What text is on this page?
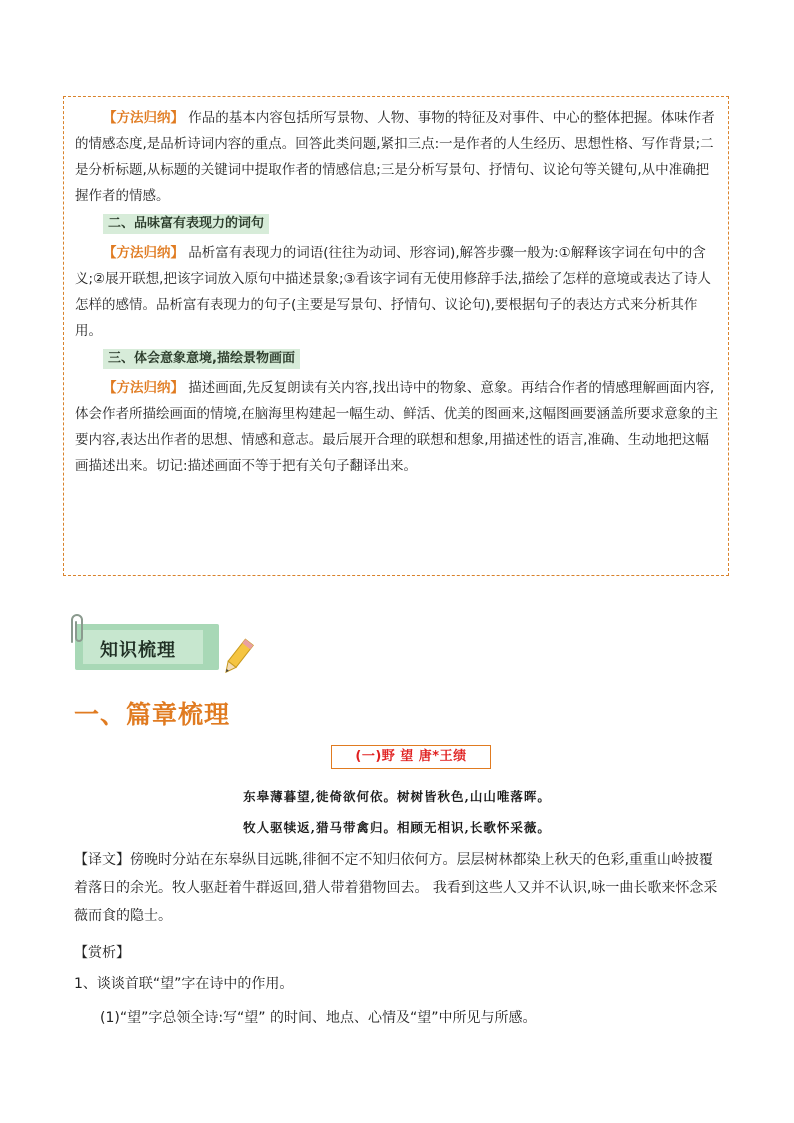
【方法归纳】 作品的基本内容包括所写景物、人物、事物的特征及对事件、中心的整体把握。体味作者的情感态度,是品析诗词内容的重点。回答此类问题,紧扣三点:一是作者的人生经历、思想性格、写作背景;二是分析标题,从标题的关键词中提取作者的情感信息;三是分析写景句、抒情句、议论句等关键句,从中准确把握作者的情感。

二、品味富有表现力的词句

【方法归纳】 品析富有表现力的词语(往往为动词、形容词),解答步骤一般为:①解释该字词在句中的含义;②展开联想,把该字词放入原句中描述景象;③看该字词有无使用修辞手法,描绘了怎样的意境或表达了诗人怎样的感情。品析富有表现力的句子(主要是写景句、抒情句、议论句),要根据句子的表达方式来分析其作用。

三、体会意象意境,描绘景物画面

【方法归纳】 描述画面,先反复朗读有关内容,找出诗中的物象、意象。再结合作者的情感理解画面内容,体会作者所描绘画面的情境,在脑海里构建起一幅生动、鲜活、优美的图画来,这幅图画要涵盖所要求意象的主要内容,表达出作者的思想、情感和意志。最后展开合理的联想和想象,用描述性的语言,准确、生动地把这幅画描述出来。切记:描述画面不等于把有关句子翻译出来。

知识梳理
一、篇章梳理
(一)野 望 唐*王绩
东皋薄暮望,徙倚欲何依。树树皆秋色,山山唯落晖。
牧人驱犊返,猎马带禽归。相顾无相识,长歌怀采薇。

【译文】傍晚时分站在东皋纵目远眺,徘徊不定不知归依何方。层层树林都染上秋天的色彩,重重山岭披覆着落日的余光。牧人驱赶着牛群返回,猎人带着猎物回去。 我看到这些人又并不认识,咏一曲长歌来怀念采薇而食的隐士。

【赏析】

1、谈谈首联“望”字在诗中的作用。

(1)“望”字总领全诗:写“望” 的时间、地点、心情及“望”中所见与所感。
